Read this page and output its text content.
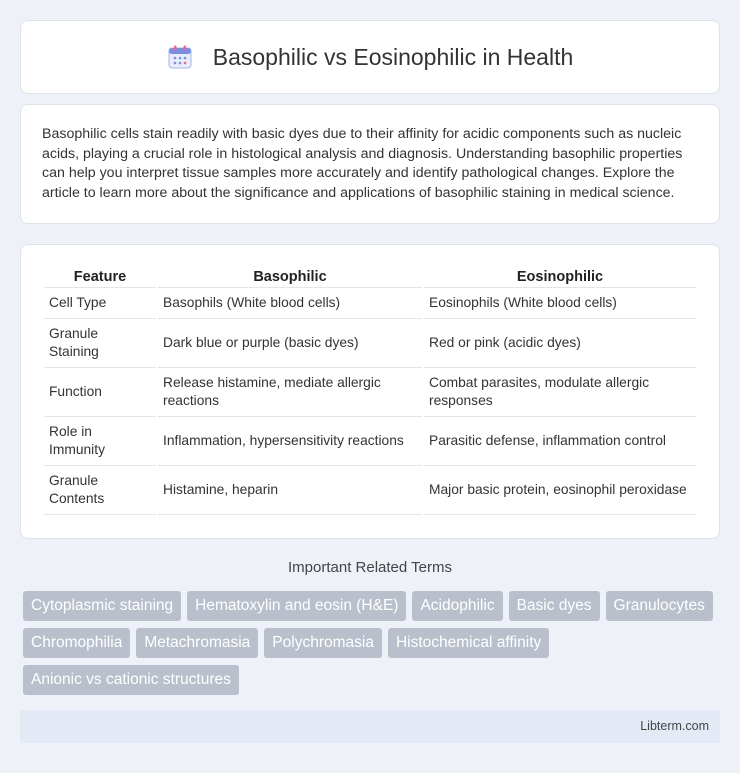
Basophilic vs Eosinophilic in Health

Basophilic cells stain readily with basic dyes due to their affinity for acidic components such as nucleic acids, playing a crucial role in histological analysis and diagnosis. Understanding basophilic properties can help you interpret tissue samples more accurately and identify pathological changes. Explore the article to learn more about the significance and applications of basophilic staining in medical science.

Feature	Basophilic	Eosinophilic
Cell Type	Basophils (White blood cells)	Eosinophils (White blood cells)
Granule Staining	Dark blue or purple (basic dyes)	Red or pink (acidic dyes)
Function	Release histamine, mediate allergic reactions	Combat parasites, modulate allergic responses
Role in Immunity	Inflammation, hypersensitivity reactions	Parasitic defense, inflammation control
Granule Contents	Histamine, heparin	Major basic protein, eosinophil peroxidase
Important Related Terms
Cytoplasmic staining	Hematoxylin and eosin (H&E)	Acidophilic	Basic dyes	Granulocytes
Chromophilia	Metachromasia	Polychromasia	Histochemical affinity
Anionic vs cationic structures
Libterm.com
